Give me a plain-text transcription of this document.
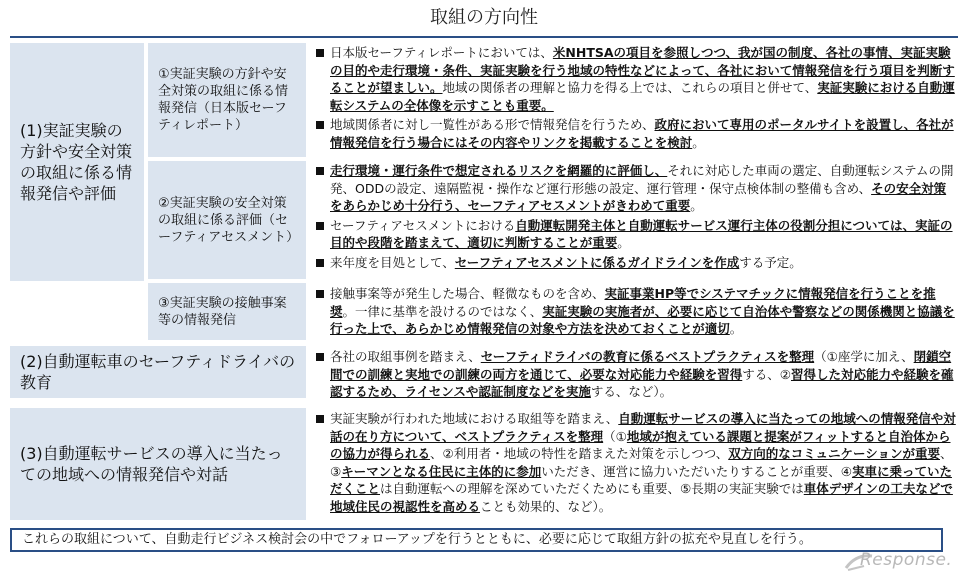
取組の方向性
(1)実証実験の方針や安全対策の取組に係る情報発信や評価
①実証実験の方針や安全対策の取組に係る情報発信（日本版セーフティレポート）
②実証実験の安全対策の取組に係る評価（セーフティアセスメント）
③実証実験の接触事案等の情報発信
日本版セーフティレポートにおいては、米NHTSAの項目を参照しつつ、我が国の制度、各社の事情、実証実験の目的や走行環境・条件、実証実験を行う地域の特性などによって、各社において情報発信を行う項目を判断することが望ましい。地域の関係者の理解と協力を得る上では、これらの項目と併せて、実証実験における自動運転システムの全体像を示すことも重要。
地域関係者に対し一覧性がある形で情報発信を行うため、政府において専用のポータルサイトを設置し、各社が情報発信を行う場合にはその内容やリンクを掲載することを検討。
走行環境・運行条件で想定されるリスクを網羅的に評価し、それに対応した車両の選定、自動運転システムの開発、ODDの設定、遠隔監視・操作など運行形態の設定、運行管理・保守点検体制の整備も含め、その安全対策をあらかじめ十分行う、セーフティアセスメントがきわめて重要。
セーフティアセスメントにおける自動運転開発主体と自動運転サービス運行主体の役割分担については、実証の目的や段階を踏まえて、適切に判断することが重要。
来年度を目処として、セーフティアセスメントに係るガイドラインを作成する予定。
接触事案等が発生した場合、軽微なものを含め、実証事業HP等でシステマチックに情報発信を行うことを推奨。一律に基準を設けるのではなく、実証実験の実施者が、必要に応じて自治体や警察などの関係機関と協議を行った上で、あらかじめ情報発信の対象や方法を決めておくことが適切。
(2)自動運転車のセーフティドライバの教育
各社の取組事例を踏まえ、セーフティドライバの教育に係るベストプラクティスを整理（①座学に加え、閉鎖空間での訓練と実地での訓練の両方を通じて、必要な対応能力や経験を習得する、②習得した対応能力や経験を確認するため、ライセンスや認証制度などを実施する、など）。
(3)自動運転サービスの導入に当たっての地域への情報発信や対話
実証実験が行われた地域における取組等を踏まえ、自動運転サービスの導入に当たっての地域への情報発信や対話の在り方について、ベストプラクティスを整理（①地域が抱えている課題と提案がフィットすると自治体からの協力が得られる、②利用者・地域の特性を踏まえた対策を示しつつ、双方向的なコミュニケーションが重要、③キーマンとなる住民に主体的に参加いただき、運営に協力いただいたりすることが重要、④実車に乗っていただくことは自動運転への理解を深めていただくためにも重要、⑤長期の実証実験では車体デザインの工夫などで地域住民の視認性を高めることも効果的、など）。
これらの取組について、自動走行ビジネス検討会の中でフォローアップを行うとともに、必要に応じて取組方針の拡充や見直しを行う。
Response.
